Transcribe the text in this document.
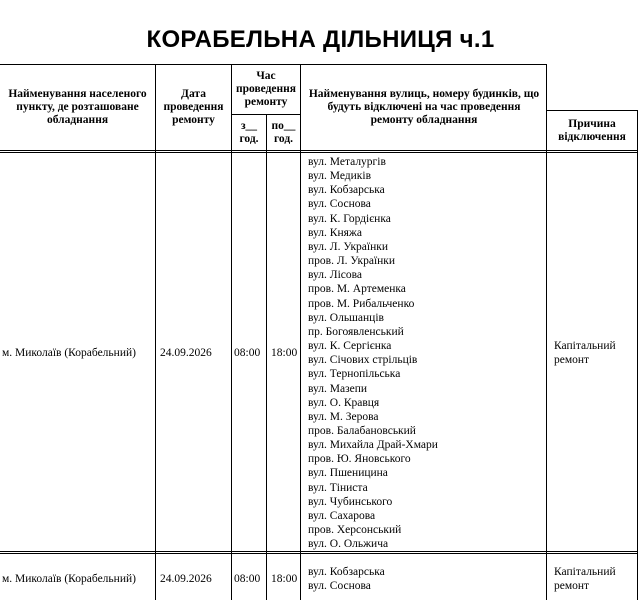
КОРАБЕЛЬНА ДІЛЬНИЦЯ ч.1
Найменування населеного пункту, де розташоване обладнання
Дата проведення ремонту
Час проведення ремонту
з__ год.
по__ год.
Найменування вулиць, номеру будинків, що будуть відключені на час проведення ремонту обладнання	Причина відключення
м. Миколаїв (Корабельний) 24.09.2026 08:00 18:00
вул. Металургів
вул. Медиків
вул. Кобзарська
вул. Соснова
вул. К. Гордієнка
вул. Княжа
вул. Л. Українки
пров. Л. Українки
вул. Лісова
пров. М. Артеменка
пров. М. Рибальченко
вул. Ольшанців
пр. Богоявленський
вул. К. Сергієнка
вул. Січових стрільців
вул. Тернопільська
вул. Мазепи
вул. О. Кравця
вул. М. Зерова
пров. Балабановський
вул. Михайла Драй-Хмари
пров. Ю. Яновського
вул. Пшеницина
вул. Тiниста
вул. Чубинського
вул. Сахарова
пров. Херсонський
вул. О. Ольжича
Капітальний ремонт
м. Миколаїв (Корабельний) 24.09.2026 08:00 18:00
вул. Кобзарська
вул. Соснова
Капітальний ремонт
